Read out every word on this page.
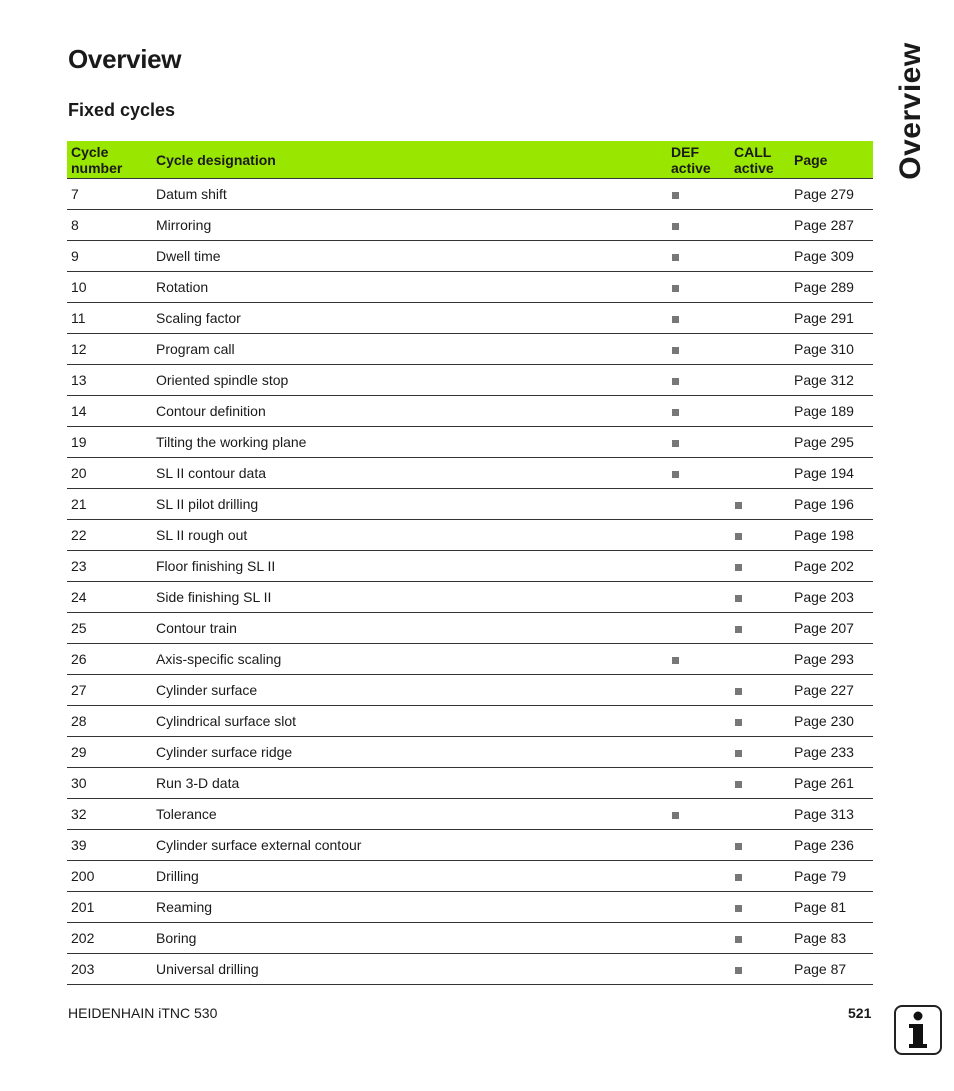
Overview
Fixed cycles	Overview
Cycle number	Cycle designation	DEF active	CALL active	Page
7	Datum shift			Page 279
8	Mirroring			Page 287
9	Dwell time			Page 309
10	Rotation			Page 289
11	Scaling factor			Page 291
12	Program call			Page 310
13	Oriented spindle stop			Page 312
14	Contour definition			Page 189
19	Tilting the working plane			Page 295
20	SL II contour data			Page 194
21	SL II pilot drilling			Page 196
22	SL II rough out			Page 198
23	Floor finishing SL II			Page 202
24	Side finishing SL II			Page 203
25	Contour train			Page 207
26	Axis-specific scaling			Page 293
27	Cylinder surface			Page 227
28	Cylindrical surface slot			Page 230
29	Cylinder surface ridge			Page 233
30	Run 3-D data			Page 261
32	Tolerance			Page 313
39	Cylinder surface external contour			Page 236
200	Drilling			Page 79
201	Reaming			Page 81
202	Boring			Page 83
203	Universal drilling			Page 87
HEIDENHAIN iTNC 530	521
